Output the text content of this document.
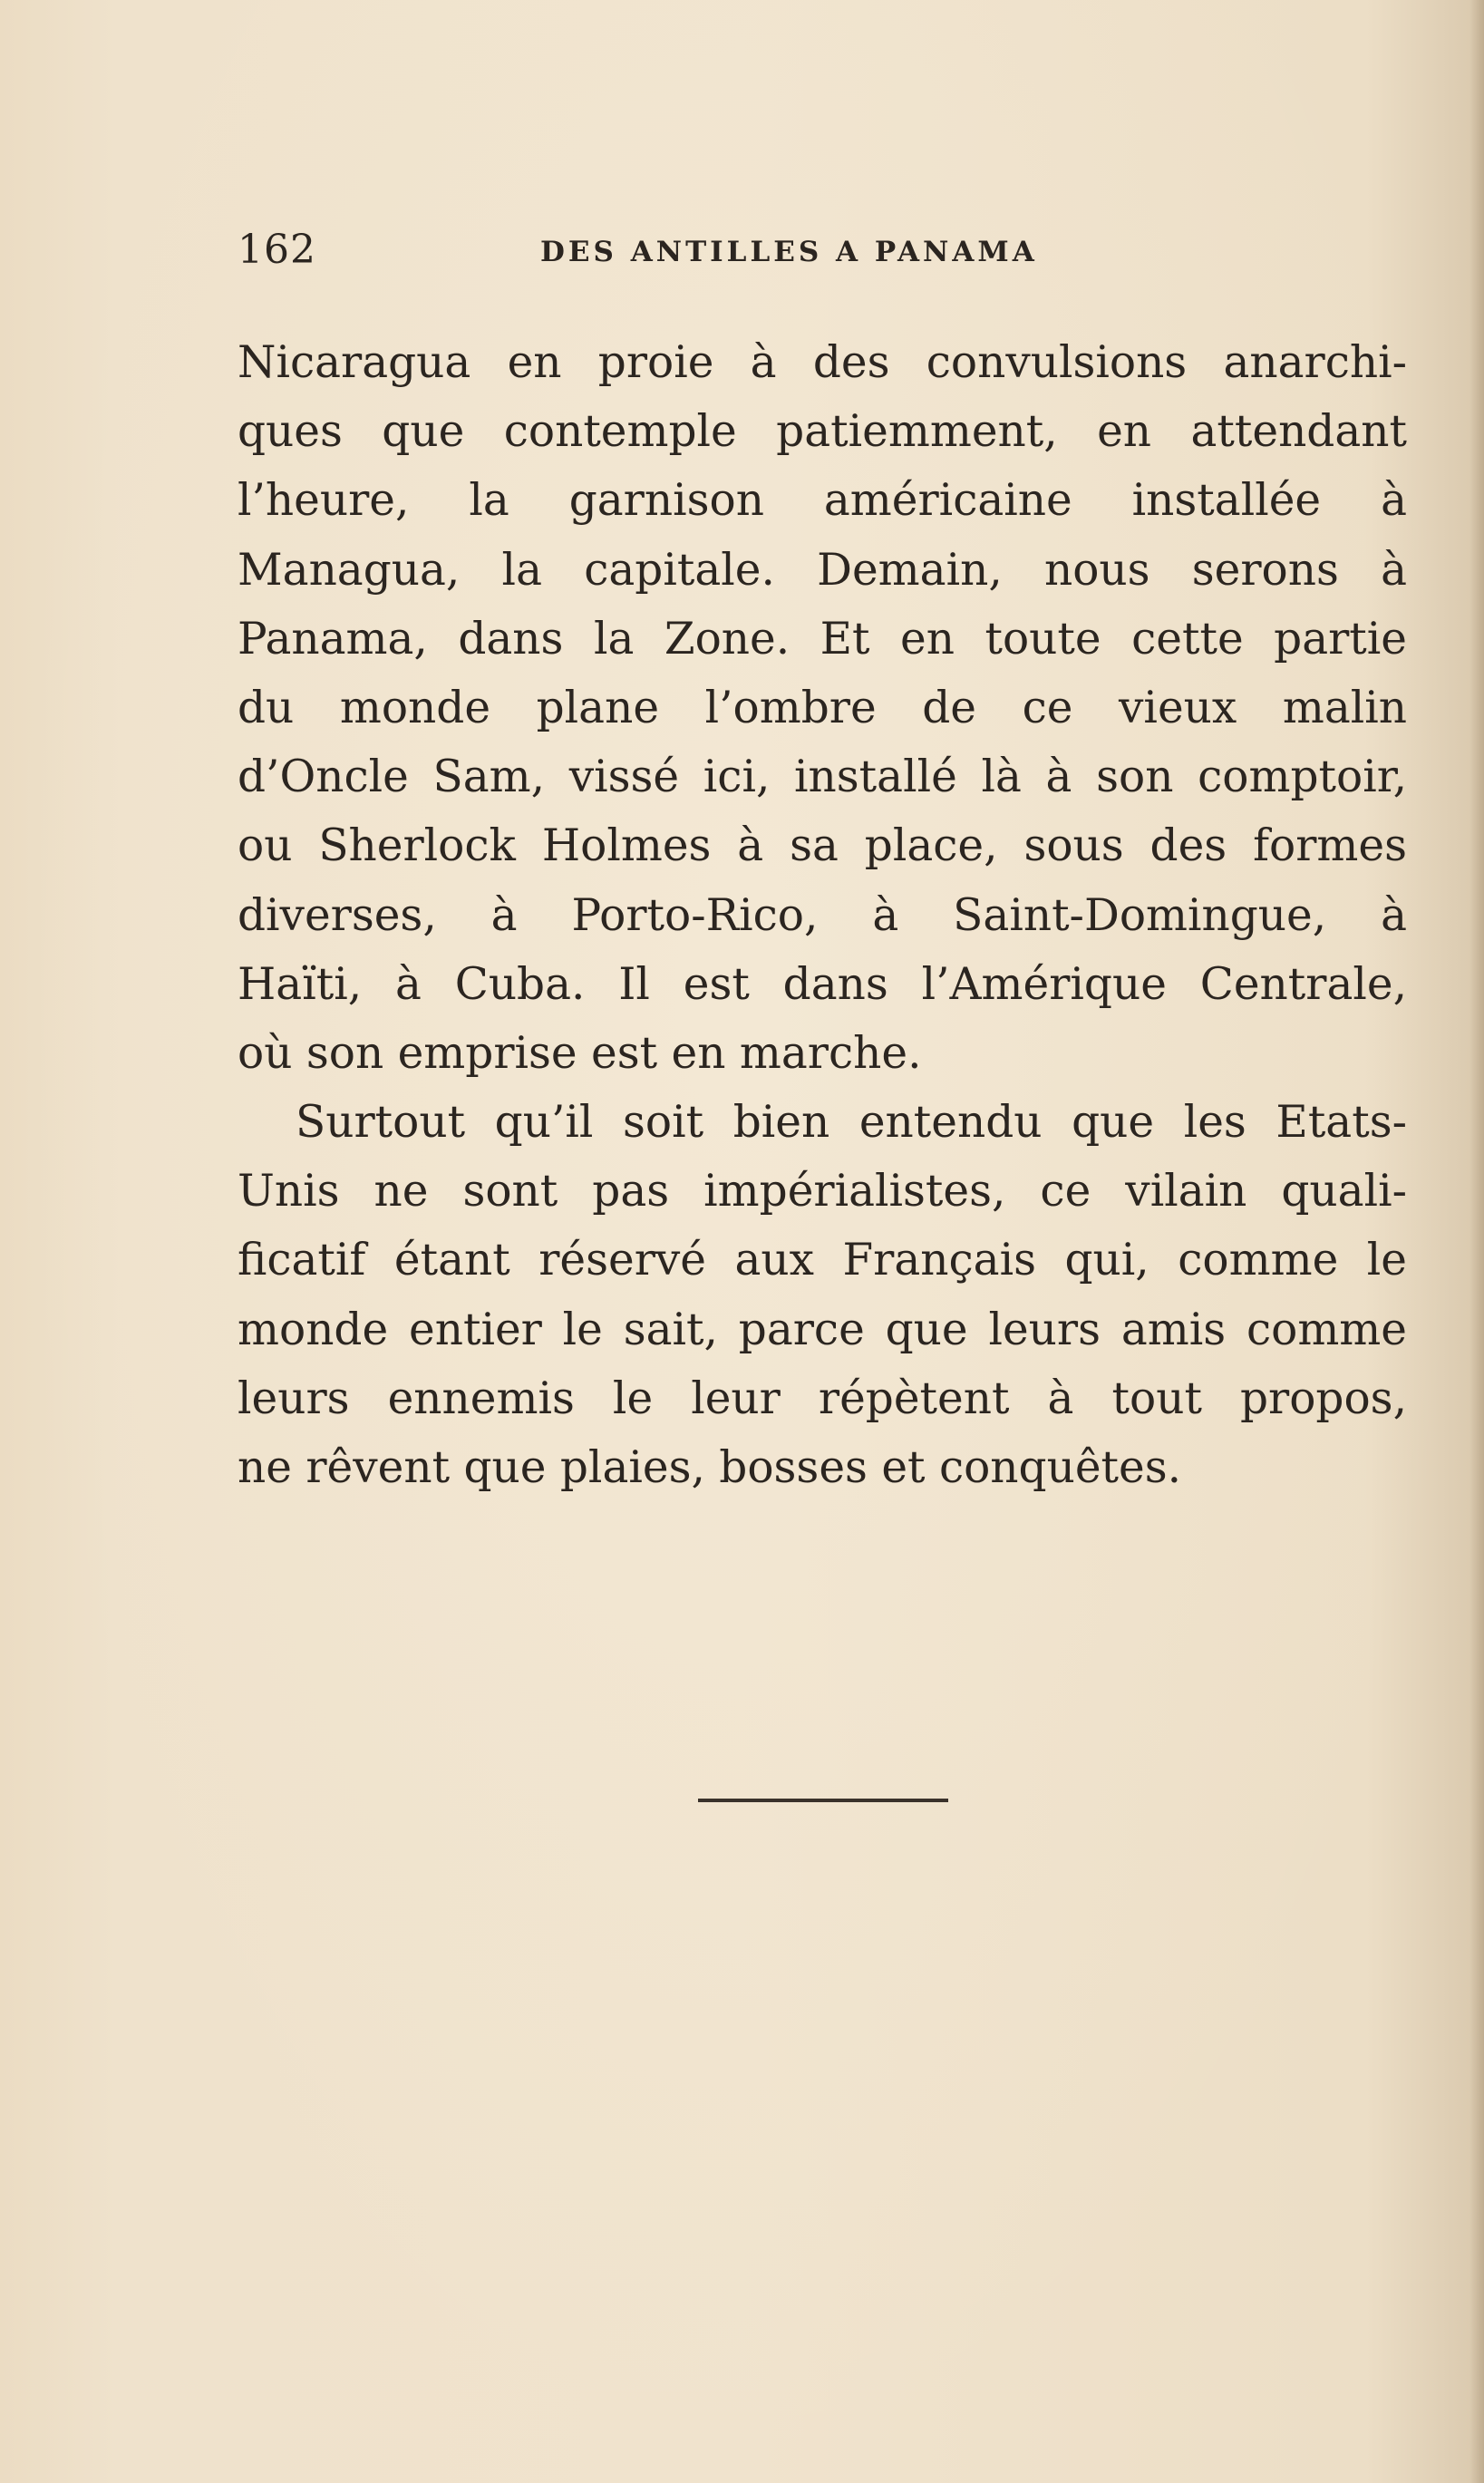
162	DES ANTILLES A PANAMA
Nicaragua en proie à des convulsions anarchi-
ques que contemple patiemment, en attendant
l’heure, la garnison américaine installée à
Managua, la capitale. Demain, nous serons à
Panama, dans la Zone. Et en toute cette partie
du monde plane l’ombre de ce vieux malin
d’Oncle Sam, vissé ici, installé là à son comptoir,
ou Sherlock Holmes à sa place, sous des formes
diverses, à Porto-Rico, à Saint-Domingue, à
Haïti, à Cuba. Il est dans l’Amérique Centrale,
où son emprise est en marche.
Surtout qu’il soit bien entendu que les Etats-
Unis ne sont pas impérialistes, ce vilain quali-
ficatif étant réservé aux Français qui, comme le
monde entier le sait, parce que leurs amis comme
leurs ennemis le leur répètent à tout propos,
ne rêvent que plaies, bosses et conquêtes.
